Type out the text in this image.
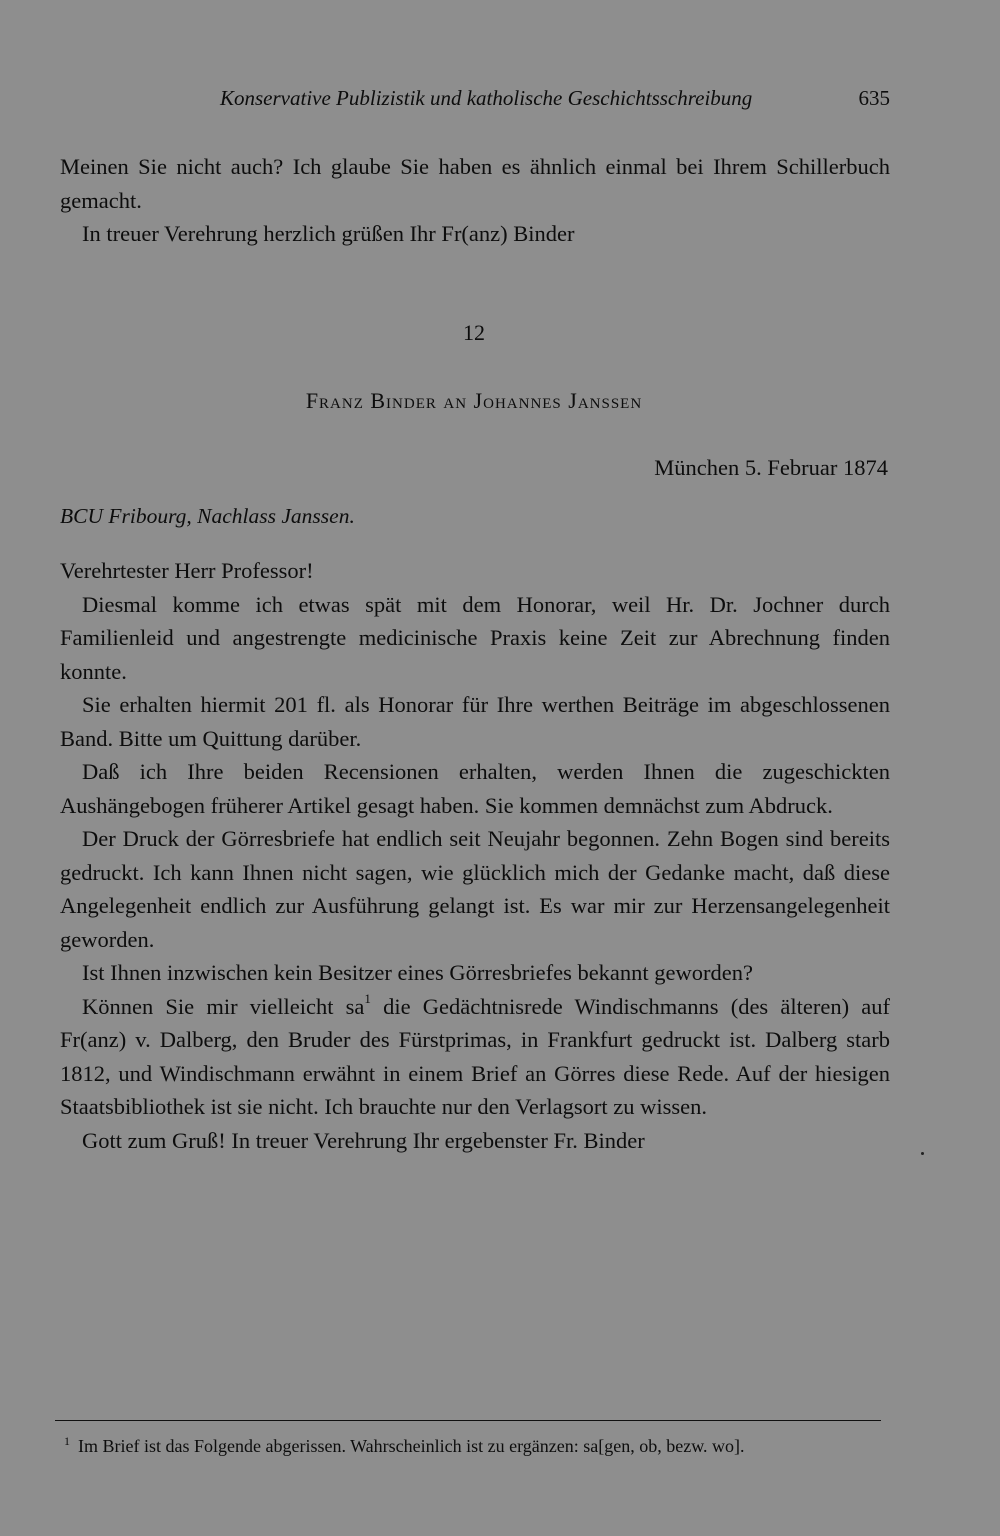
Konservative Publizistik und katholische Geschichtsschreibung	635

Meinen Sie nicht auch? Ich glaube Sie haben es ähnlich einmal bei Ihrem Schillerbuch gemacht.

In treuer Verehrung herzlich grüßen Ihr Fr(anz) Binder

12
Franz Binder an Johannes Janssen
München 5. Februar 1874
BCU Fribourg, Nachlass Janssen.

Verehrtester Herr Professor!

Diesmal komme ich etwas spät mit dem Honorar, weil Hr. Dr. Jochner durch Familienleid und angestrengte medicinische Praxis keine Zeit zur Abrechnung finden konnte.

Sie erhalten hiermit 201 fl. als Honorar für Ihre werthen Beiträge im abgeschlossenen Band. Bitte um Quittung darüber.

Daß ich Ihre beiden Recensionen erhalten, werden Ihnen die zugeschickten Aushängebogen früherer Artikel gesagt haben. Sie kommen demnächst zum Abdruck.

Der Druck der Görresbriefe hat endlich seit Neujahr begonnen. Zehn Bogen sind bereits gedruckt. Ich kann Ihnen nicht sagen, wie glücklich mich der Gedanke macht, daß diese Angelegenheit endlich zur Ausführung gelangt ist. Es war mir zur Herzensangelegenheit geworden.

Ist Ihnen inzwischen kein Besitzer eines Görresbriefes bekannt geworden?

Können Sie mir vielleicht $sa^1$ die Gedächtnisrede Windischmanns (des älteren) auf Fr(anz) v. Dalberg, den Bruder des Fürstprimas, in Frankfurt gedruckt ist. Dalberg starb 1812, und Windischmann erwähnt in einem Brief an Görres diese Rede. Auf der hiesigen Staatsbibliothek ist sie nicht. Ich brauchte nur den Verlagsort zu wissen.

Gott zum Gruß! In treuer Verehrung Ihr ergebenster Fr. Binder

$^1$ Im Brief ist das Folgende abgerissen. Wahrscheinlich ist zu ergänzen: sa[gen, ob, bezw. wo].
